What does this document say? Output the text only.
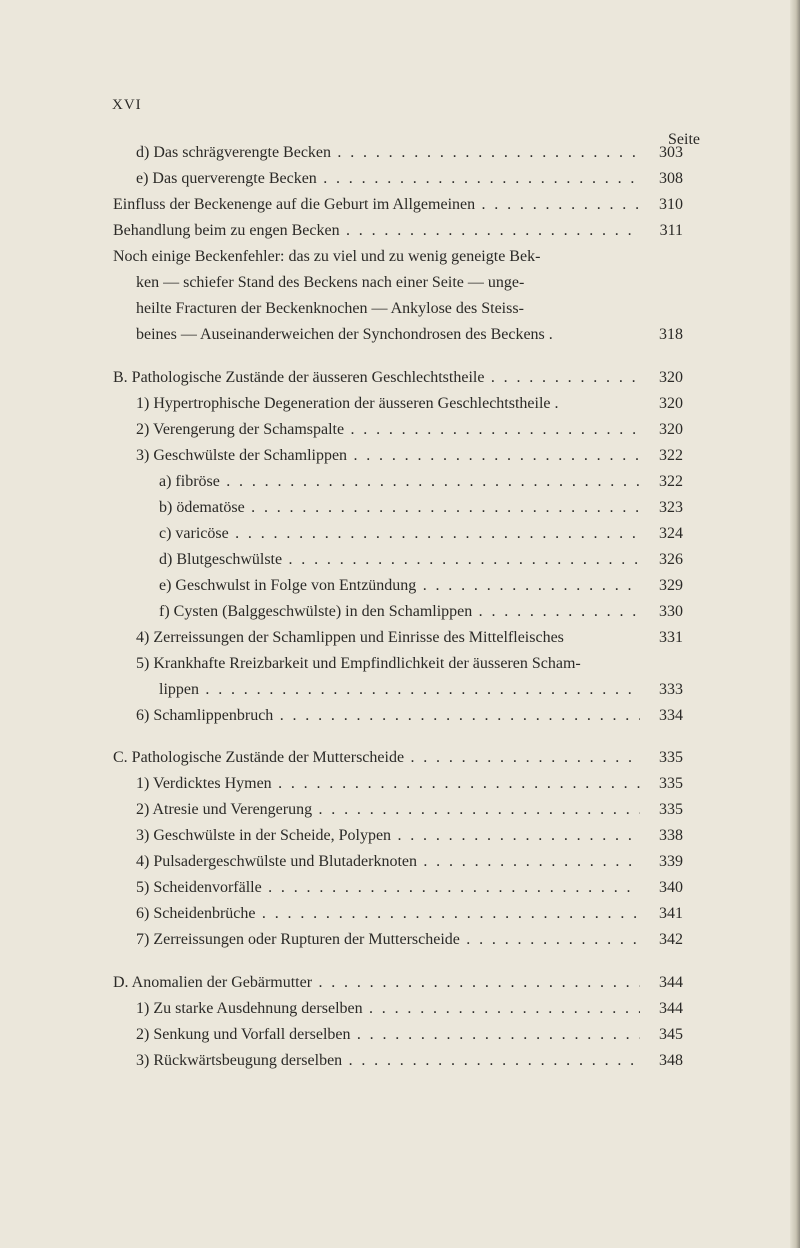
XVI
Seite
d) Das schrägverengte Becken . . .	303
e) Das querverengte Becken . . .	308
Einfluss der Beckenenge auf die Geburt im Allgemeinen . . .	310
Behandlung beim zu engen Becken . . .	311
Noch einige Beckenfehler: das zu viel und zu wenig geneigte Bek-
ken — schiefer Stand des Beckens nach einer Seite — unge-
heilte Fracturen der Beckenknochen — Ankylose des Steiss-
beines — Auseinanderweichen der Synchondrosen des Beckens .	318
B. Pathologische Zustände der äusseren Geschlechtstheile . . .	320
1) Hypertrophische Degeneration der äusseren Geschlechtstheile .	320
2) Verengerung der Schamspalte . . .	320
3) Geschwülste der Schamlippen . . .	322
a) fibröse . . .	322
b) ödematöse . . .	323
c) varicöse . . .	324
d) Blutgeschwülste . . .	326
e) Geschwulst in Folge von Entzündung . . .	329
f) Cysten (Balggeschwülste) in den Schamlippen . . .	330
4) Zerreissungen der Schamlippen und Einrisse des Mittelfleisches	331
5) Krankhafte Rreizbarkeit und Empfindlichkeit der äusseren Scham-
lippen . . .	333
6) Schamlippenbruch . . .	334
C. Pathologische Zustände der Mutterscheide . . .	335
1) Verdicktes Hymen . . .	335
2) Atresie und Verengerung . . .	335
3) Geschwülste in der Scheide, Polypen . . .	338
4) Pulsadergeschwülste und Blutaderknoten . . .	339
5) Scheidenvorfälle . . .	340
6) Scheidenbrüche . . .	341
7) Zerreissungen oder Rupturen der Mutterscheide . . .	342
D. Anomalien der Gebärmutter . . .	344
1) Zu starke Ausdehnung derselben . . .	344
2) Senkung und Vorfall derselben . . .	345
3) Rückwärtsbeugung derselben . . .	348
